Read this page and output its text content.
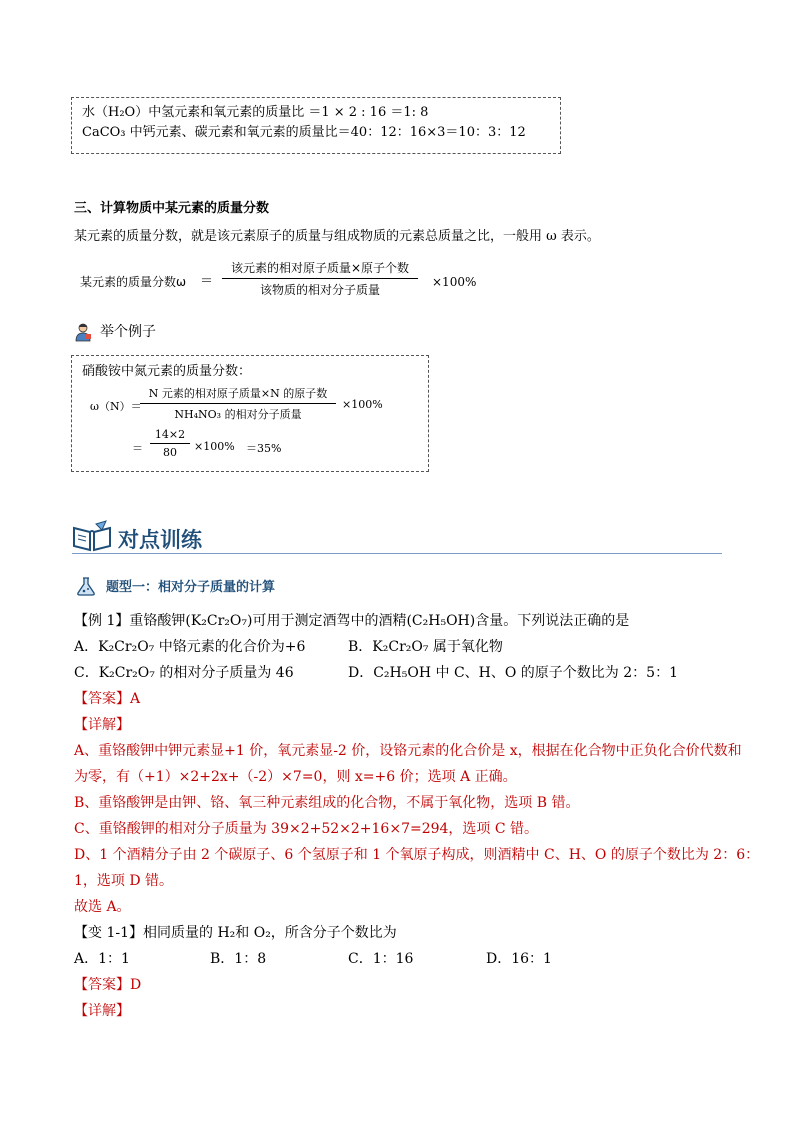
水（H₂O）中氢元素和氧元素的质量比 ＝1 × 2 : 16 ＝1: 8
CaCO₃ 中钙元素、碳元素和氧元素的质量比＝40：12：16×3＝10：3：12
三、计算物质中某元素的质量分数
某元素的质量分数，就是该元素原子的质量与组成物质的元素总质量之比，一般用 ω 表示。
某元素的质量分数ω ＝
该元素的相对原子质量×原子个数
该物质的相对分子质量
×100%
举个例子
硝酸铵中氮元素的质量分数：
ω（N）＝
N 元素的相对原子质量×N 的原子数
NH₄NO₃ 的相对分子质量
×100%
＝
14×2
80	×100% ＝35%
对点训练
题型一：相对分子质量的计算
【例 1】重铬酸钾(K₂Cr₂O₇)可用于测定酒驾中的酒精(C₂H₅OH)含量。下列说法正确的是
A．K₂Cr₂O₇ 中铬元素的化合价为+6	B．K₂Cr₂O₇ 属于氧化物
C．K₂Cr₂O₇ 的相对分子质量为 46	D．C₂H₅OH 中 C、H、O 的原子个数比为 2：5：1
【答案】A
【详解】
A、重铬酸钾中钾元素显+1 价，氧元素显-2 价，设铬元素的化合价是 x，根据在化合物中正负化合价代数和
为零，有（+1）×2+2x+（-2）×7=0，则 x=+6 价；选项 A 正确。
B、重铬酸钾是由钾、铬、氧三种元素组成的化合物，不属于氧化物，选项 B 错。
C、重铬酸钾的相对分子质量为 39×2+52×2+16×7=294，选项 C 错。
D、1 个酒精分子由 2 个碳原子、6 个氢原子和 1 个氧原子构成，则酒精中 C、H、O 的原子个数比为 2：6：
1，选项 D 错。
故选 A。
【变 1-1】相同质量的 H₂和 O₂，所含分子个数比为
A．1：1	B．1：8	C．1：16	D．16：1
【答案】D
【详解】
